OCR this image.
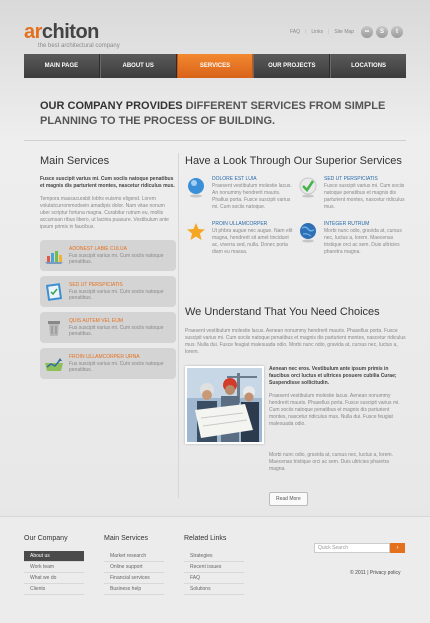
architon
the best architectural company
FAQ | Links | Site Map	••	S	t
MAIN PAGE	ABOUT US	SERVICES	OUR PROJECTS	LOCATIONS
OUR COMPANY PROVIDES DIFFERENT SERVICES FROM SIMPLE PLANNING TO THE PROCESS OF BUILDING.
Main Services
Fusce suscipit varius mi. Cum sociis natoque penatibus et magnis dis parturient montes, nascetur ridiculus mus.
Tempora massacurabit lobhs euismo eligend. Lorem volutatcurrommodsein amadipis dolor. Nam vitae nonum uber scriptur fortuna magna. Curabitur rutrum eu, mollis accumsan ribus libero, ut lacinia puasure. Vestibulum ante ipsum primis in faucibus.
ADONEST LABIE CULUA
Fus suscipit varius mi. Cum sociis natoque penatibus.
SED UT PERSPICIATIS
Fus suscipit varius mi. Cum sociis natoque penatibus.
QUIS AUTEM VEL EUM
Fus suscipit varius mi. Cum sociis natoque penatibus.
FROIN ULLAMCORPER URNA
Fus suscipit varius mi. Cum sociis natoque penatibus.
Have a Look Through Our Superior Services
DOLORE EST LUIA
Praesent vestibulum molestie lacus. An nonummy hendrerit mauris. Phallus porta. Fusce suscipit varius mi. Cum sociis natoque.
SED UT PERSPICIATIS
Fusce suscipit varius mi. Cum sociis natoque penatibus et magnis dis parturient montes, nascetur ridiculus mus.
PROIN ULLAMCORPER
Ut phbra augue nec augue. Nam elit magna, hendrerit sit amet tincidunt ac, viverra sed, nulla. Donec porta diam eu massa.
INTEGER RUTRUM
Morbi nunc odio, gravida at, cursus nec, luctus a, lorem. Maecenas tristique orci ac sem. Duis ultricies pharetra magna.
We Understand That You Need Choices
Praesent vestibulum molestie lacus. Aenean nonummy hendrerit mauris. Phasellus porta. Fusce suscipit varius mi. Cum sociis natoque penatibus et magnis dis parturient montes, nascetur ridiculus mus. Nulla dui. Fusce feugiat malesuada odio. Morbi nunc odio, gravida at, cursus nec, luctus a, lorem.
Aenean nec eros. Vestibulum ante ipsum primis in faucibus orci luctus et ultrices posuere cubilia Curae; Suspendisse sollicitudin.
Praesent vestibulum molestie lacus. Aenean nonummy hendrerit mauris. Phasellus porta. Fusce suscipit varius mi. Cum sociis natoque penatibus et magnis dis parturient montes, nascetur ridiculus mus. Nulla dui. Fusce feugiat malesuada odio.
Morbi nunc odio, gravida at, cursus nec, luctus a, lorem. Maecenas tristique orci ac sem. Duis ultricies pharetra magna.
Read More
Our Company
About us
Work team
What we do
Clients
Main Services
Market research
Online support
Financial services
Business help
Related Links
Strategies
Recent issues
FAQ
Solutions
Quick Search	›
© 2011 | Privacy policy
